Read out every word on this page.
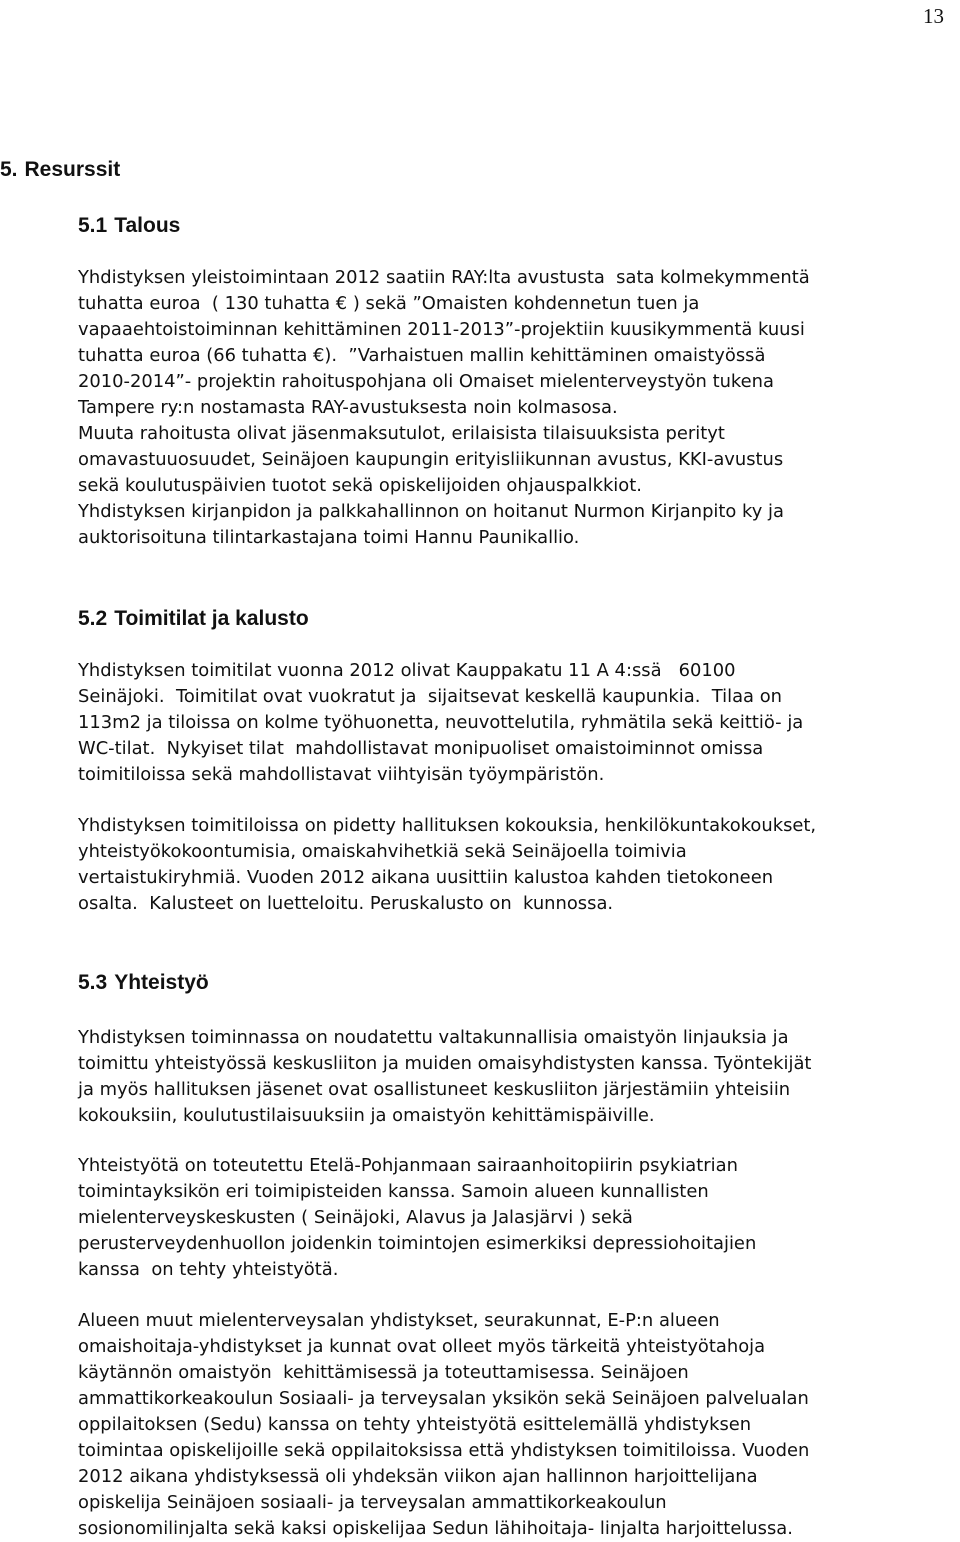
13
5. Resurssit
5.1 Talous
Yhdistyksen yleistoimintaan 2012 saatiin RAY:lta avustusta  sata kolmekymmentä
tuhatta euroa  ( 130 tuhatta € ) sekä ”Omaisten kohdennetun tuen ja
vapaaehtoistoiminnan kehittäminen 2011-2013”-projektiin kuusikymmentä kuusi
tuhatta euroa (66 tuhatta €).  ”Varhaistuen mallin kehittäminen omaistyössä
2010-2014”- projektin rahoituspohjana oli Omaiset mielenterveystyön tukena
Tampere ry:n nostamasta RAY-avustuksesta noin kolmasosa.
Muuta rahoitusta olivat jäsenmaksutulot, erilaisista tilaisuuksista perityt
omavastuuosuudet, Seinäjoen kaupungin erityisliikunnan avustus, KKI-avustus
sekä koulutuspäivien tuotot sekä opiskelijoiden ohjauspalkkiot.
Yhdistyksen kirjanpidon ja palkkahallinnon on hoitanut Nurmon Kirjanpito ky ja
auktorisoituna tilintarkastajana toimi Hannu Paunikallio.
5.2 Toimitilat ja kalusto
Yhdistyksen toimitilat vuonna 2012 olivat Kauppakatu 11 A 4:ssä   60100
Seinäjoki.  Toimitilat ovat vuokratut ja  sijaitsevat keskellä kaupunkia.  Tilaa on
113m2 ja tiloissa on kolme työhuonetta, neuvottelutila, ryhmätila sekä keittiö- ja
WC-tilat.  Nykyiset tilat  mahdollistavat monipuoliset omaistoiminnot omissa
toimitiloissa sekä mahdollistavat viihtyisän työympäristön.
Yhdistyksen toimitiloissa on pidetty hallituksen kokouksia, henkilökuntakokoukset,
yhteistyökokoontumisia, omaiskahvihetkiä sekä Seinäjoella toimivia
vertaistukiryhmiä. Vuoden 2012 aikana uusittiin kalustoa kahden tietokoneen
osalta.  Kalusteet on luetteloitu. Peruskalusto on  kunnossa.
5.3 Yhteistyö
Yhdistyksen toiminnassa on noudatettu valtakunnallisia omaistyön linjauksia ja
toimittu yhteistyössä keskusliiton ja muiden omaisyhdistysten kanssa. Työntekijät
ja myös hallituksen jäsenet ovat osallistuneet keskusliiton järjestämiin yhteisiin
kokouksiin, koulutustilaisuuksiin ja omaistyön kehittämispäiville.
Yhteistyötä on toteutettu Etelä-Pohjanmaan sairaanhoitopiirin psykiatrian
toimintayksikön eri toimipisteiden kanssa. Samoin alueen kunnallisten
mielenterveyskeskusten ( Seinäjoki, Alavus ja Jalasjärvi ) sekä
perusterveydenhuollon joidenkin toimintojen esimerkiksi depressiohoitajien
kanssa  on tehty yhteistyötä.
Alueen muut mielenterveysalan yhdistykset, seurakunnat, E-P:n alueen
omaishoitaja-yhdistykset ja kunnat ovat olleet myös tärkeitä yhteistyötahoja
käytännön omaistyön  kehittämisessä ja toteuttamisessa. Seinäjoen
ammattikorkeakoulun Sosiaali- ja terveysalan yksikön sekä Seinäjoen palvelualan
oppilaitoksen (Sedu) kanssa on tehty yhteistyötä esittelemällä yhdistyksen
toimintaa opiskelijoille sekä oppilaitoksissa että yhdistyksen toimitiloissa. Vuoden
2012 aikana yhdistyksessä oli yhdeksän viikon ajan hallinnon harjoittelijana
opiskelija Seinäjoen sosiaali- ja terveysalan ammattikorkeakoulun
sosionomilinjalta sekä kaksi opiskelijaa Sedun lähihoitaja- linjalta harjoittelussa.
